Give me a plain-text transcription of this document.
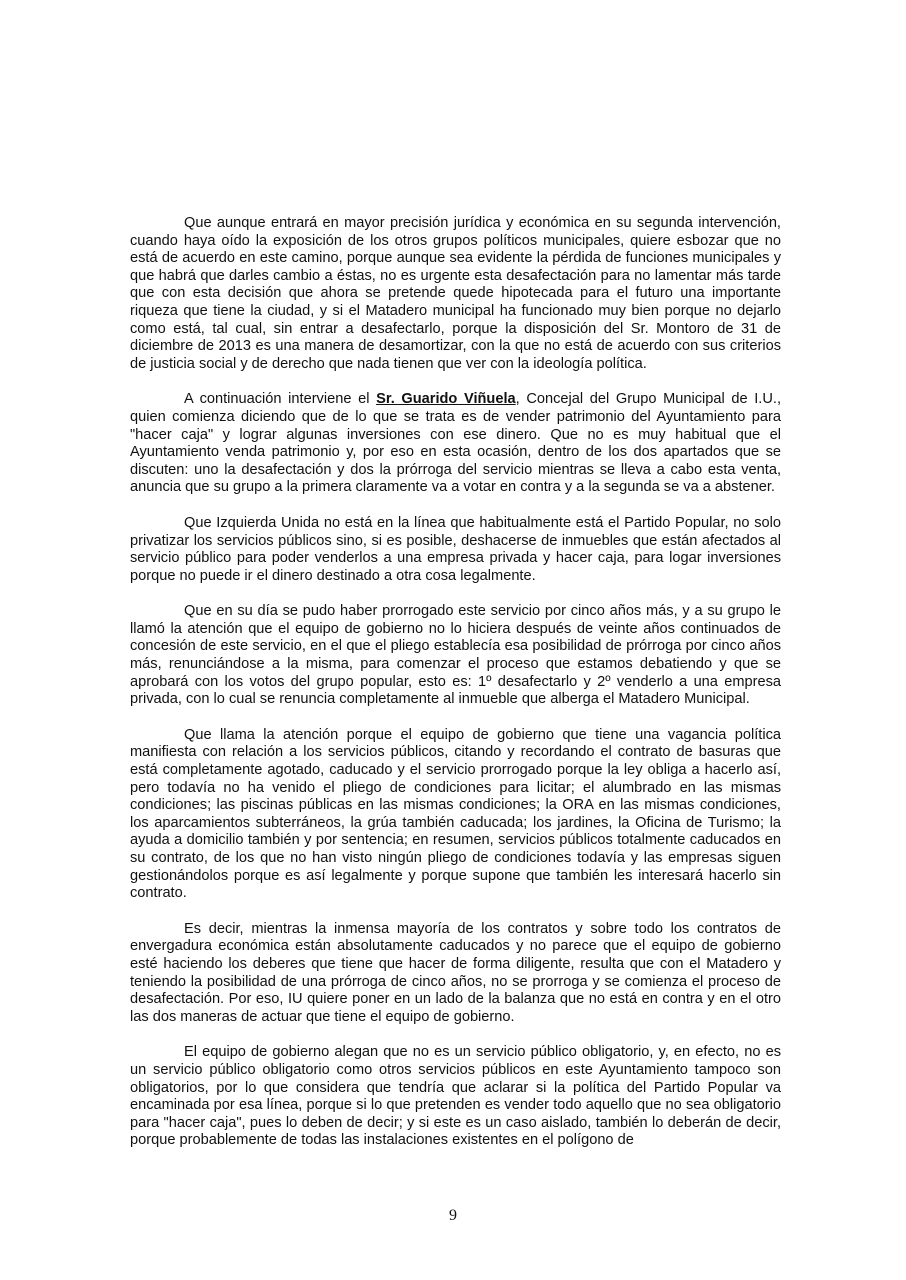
Que aunque entrará en mayor precisión jurídica y económica en su segunda intervención, cuando haya oído la exposición de los otros grupos políticos municipales, quiere esbozar que no está de acuerdo en este camino, porque aunque sea evidente la pérdida de funciones municipales y que habrá que darles cambio a éstas, no es urgente esta desafectación para no lamentar más tarde que con esta decisión que ahora se pretende quede hipotecada para el futuro una importante riqueza que tiene la ciudad, y si el Matadero municipal ha funcionado muy bien porque no dejarlo como está, tal cual, sin entrar a desafectarlo, porque la disposición del Sr. Montoro de 31 de diciembre de 2013 es una manera de desamortizar, con la que no está de acuerdo con sus criterios de justicia social y de derecho que nada tienen que ver con la ideología política.

A continuación interviene el Sr. Guarido Viñuela, Concejal del Grupo Municipal de I.U., quien comienza diciendo que de lo que se trata es de vender patrimonio del Ayuntamiento para "hacer caja" y lograr algunas inversiones con ese dinero. Que no es muy habitual que el Ayuntamiento venda patrimonio y, por eso en esta ocasión, dentro de los dos apartados que se discuten: uno la desafectación y dos la prórroga del servicio mientras se lleva a cabo esta venta, anuncia que su grupo a la primera claramente va a votar en contra y a la segunda se va a abstener.

Que Izquierda Unida no está en la línea que habitualmente está el Partido Popular, no solo privatizar los servicios públicos sino, si es posible, deshacerse de inmuebles que están afectados al servicio público para poder venderlos a una empresa privada y hacer caja, para logar inversiones porque no puede ir el dinero destinado a otra cosa legalmente.

Que en su día se pudo haber prorrogado este servicio por cinco años más, y a su grupo le llamó la atención que el equipo de gobierno no lo hiciera después de veinte años continuados de concesión de este servicio, en el que el pliego establecía esa posibilidad de prórroga por cinco años más, renunciándose a la misma, para comenzar el proceso que estamos debatiendo y que se aprobará con los votos del grupo popular, esto es: 1º desafectarlo y 2º venderlo a una empresa privada, con lo cual se renuncia completamente al inmueble que alberga el Matadero Municipal.

Que llama la atención porque el equipo de gobierno que tiene una vagancia política manifiesta con relación a los servicios públicos, citando y recordando el contrato de basuras que está completamente agotado, caducado y el servicio prorrogado porque la ley obliga a hacerlo así, pero todavía no ha venido el pliego de condiciones para licitar; el alumbrado en las mismas condiciones; las piscinas públicas en las mismas condiciones; la ORA en las mismas condiciones, los aparcamientos subterráneos, la grúa también caducada; los jardines, la Oficina de Turismo; la ayuda a domicilio también y por sentencia; en resumen, servicios públicos totalmente caducados en su contrato, de los que no han visto ningún pliego de condiciones todavía y las empresas siguen gestionándolos porque es así legalmente y porque supone que también les interesará hacerlo sin contrato.

Es decir, mientras la inmensa mayoría de los contratos y sobre todo los contratos de envergadura económica están absolutamente caducados y no parece que el equipo de gobierno esté haciendo los deberes que tiene que hacer de forma diligente, resulta que con el Matadero y teniendo la posibilidad de una prórroga de cinco años, no se prorroga y se comienza el proceso de desafectación. Por eso, IU quiere poner en un lado de la balanza que no está en contra y en el otro las dos maneras de actuar que tiene el equipo de gobierno.

El equipo de gobierno alegan que no es un servicio público obligatorio, y, en efecto, no es un servicio público obligatorio como otros servicios públicos en este Ayuntamiento tampoco son obligatorios, por lo que considera que tendría que aclarar si la política del Partido Popular va encaminada por esa línea, porque si lo que pretenden es vender todo aquello que no sea obligatorio para "hacer caja", pues lo deben de decir; y si este es un caso aislado, también lo deberán de decir, porque probablemente de todas las instalaciones existentes en el polígono de

9
